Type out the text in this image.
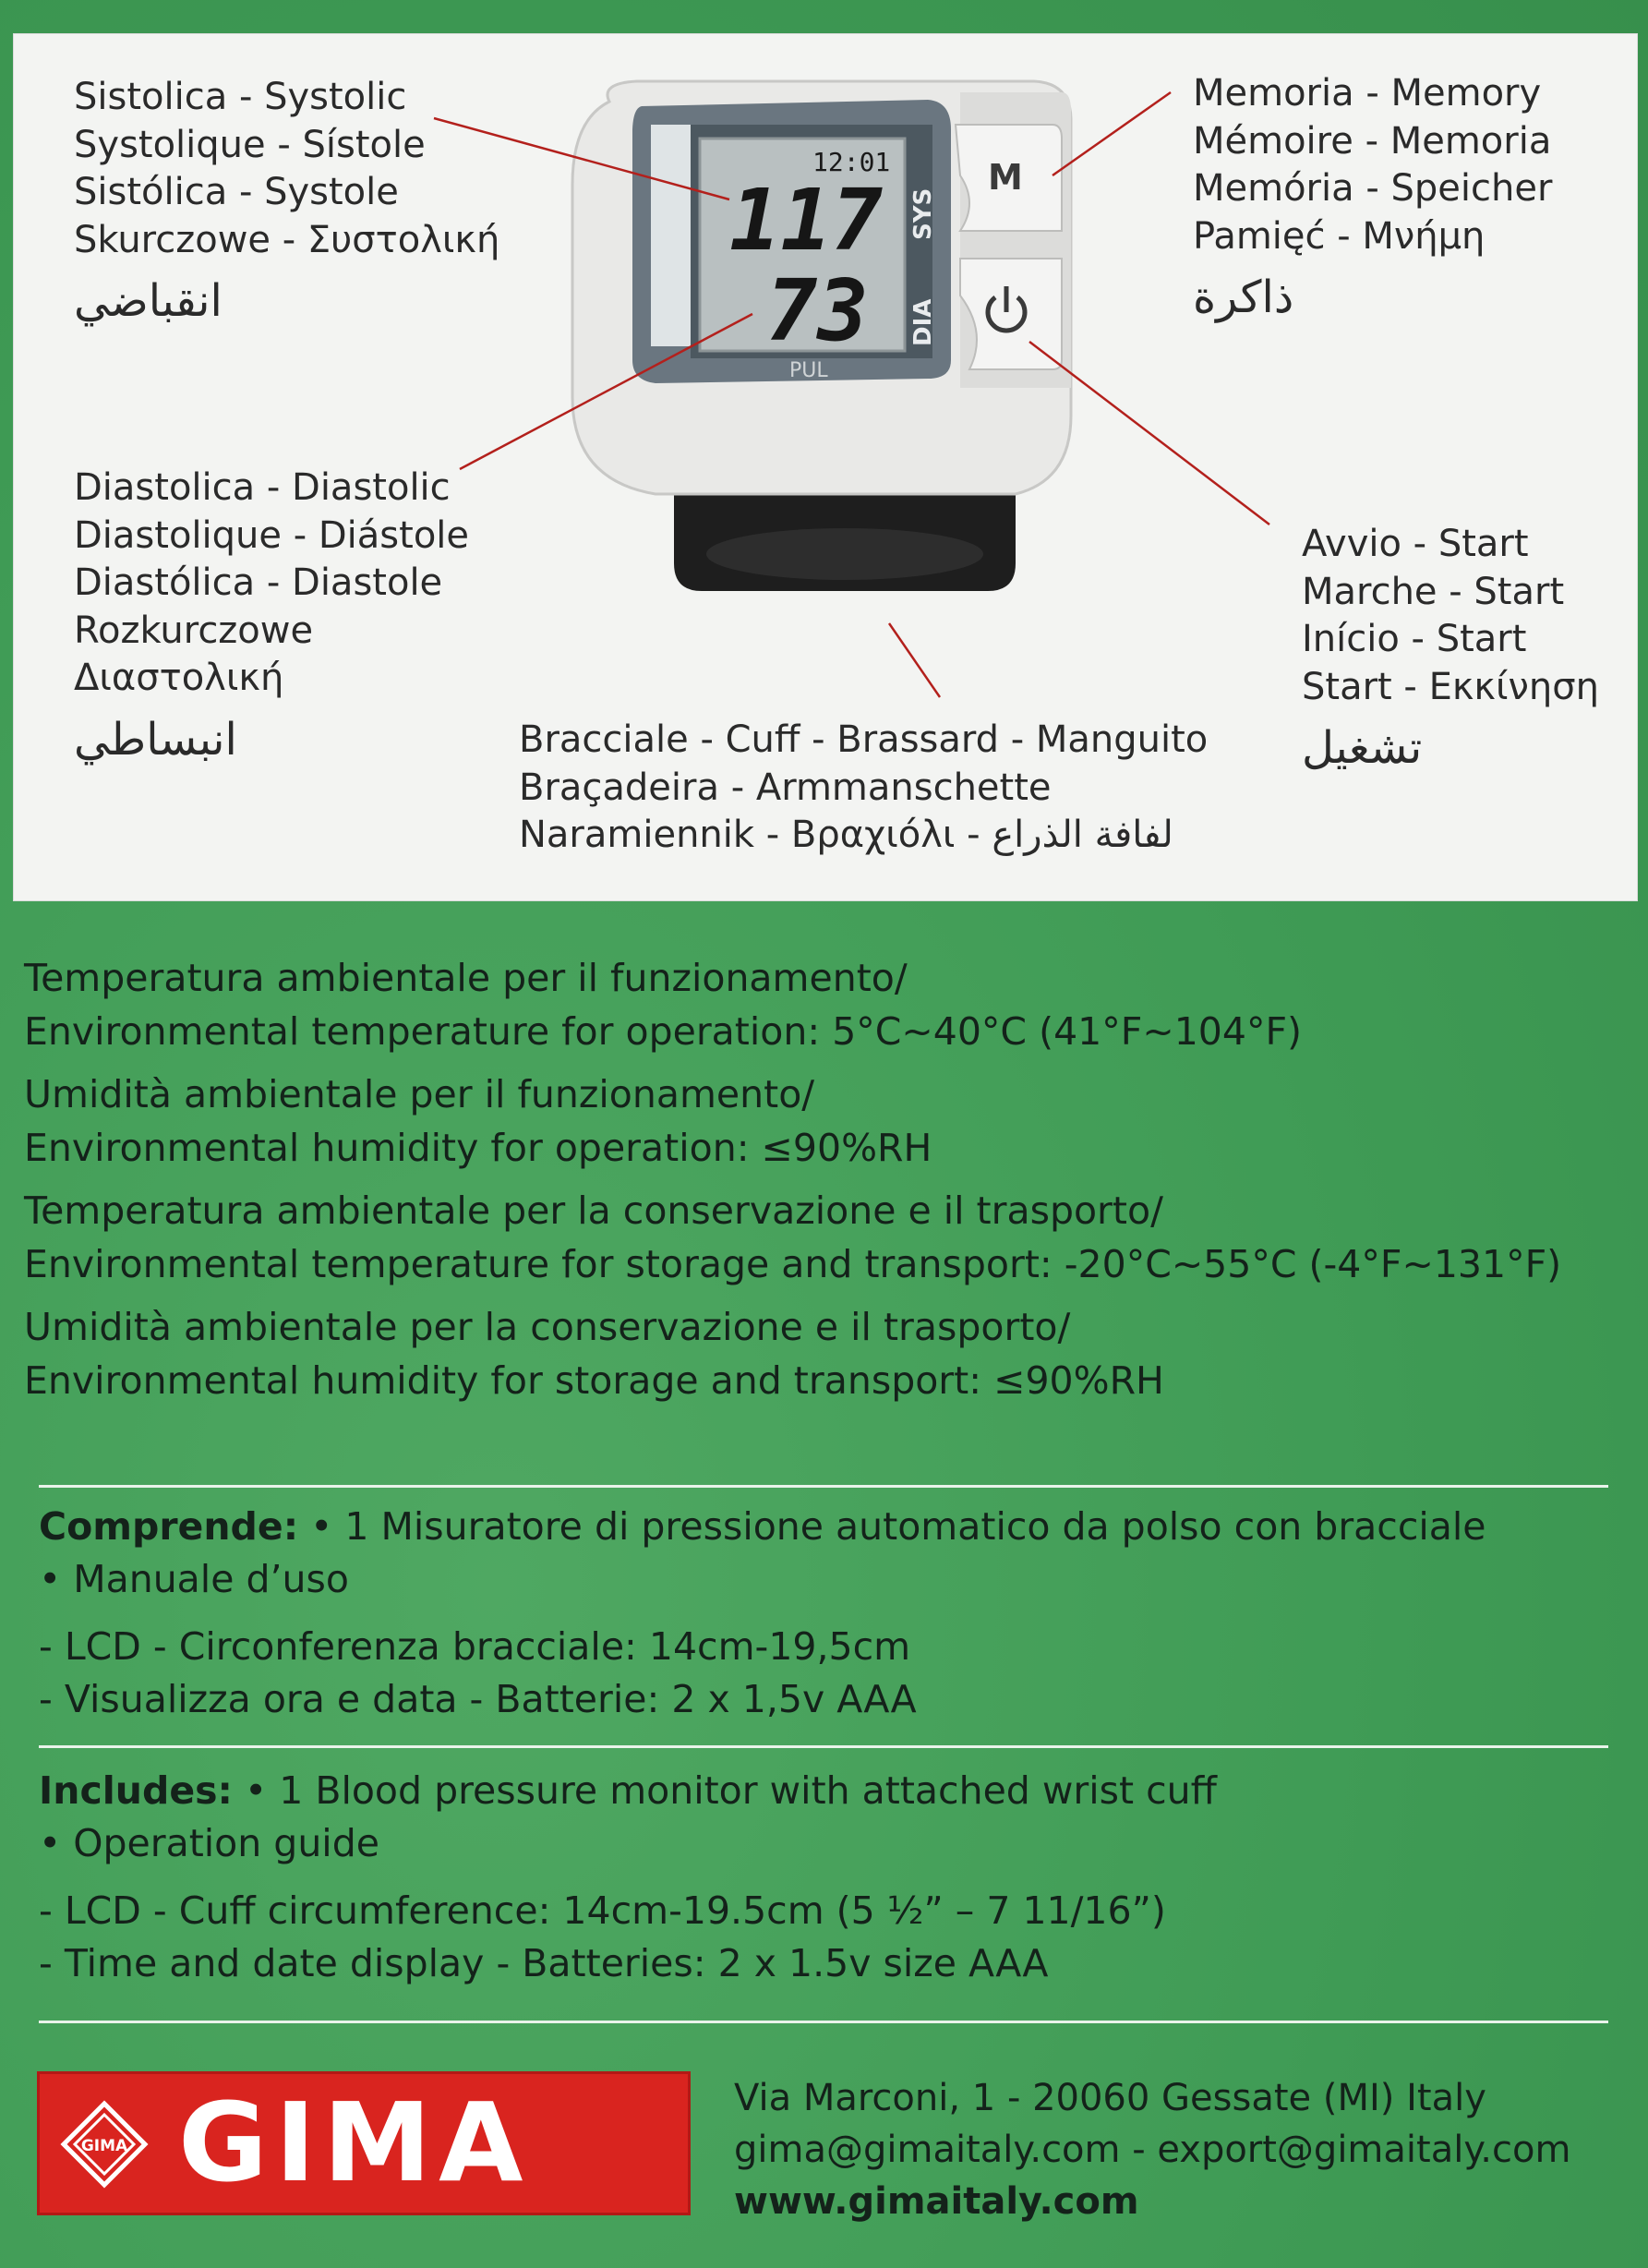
12:01
117
73
SYS
DIA
PUL
M
Sistolica - Systolic
Systolique - Sístole
Sistólica - Systole
Skurczowe - Συστολική
انقباضي
Diastolica - Diastolic
Diastolique - Diástole
Diastólica - Diastole
Rozkurczowe
Διαστολική
انبساطي
Memoria - Memory
Mémoire - Memoria
Memória - Speicher
Pamięć - Μνήμη
ذاكرة
Avvio - Start
Marche - Start
Início - Start
Start - Εκκίνηση
تشغيل
Bracciale - Cuff - Brassard - Manguito
Braçadeira - Armmanschette
Naramiennik - Βραχιόλι - لفافة الذراع
Temperatura ambientale per il funzionamento/
Environmental temperature for operation: 5°C~40°C (41°F~104°F)
Umidità ambientale per il funzionamento/
Environmental humidity for operation: ≤90%RH
Temperatura ambientale per la conservazione e il trasporto/
Environmental temperature for storage and transport: -20°C~55°C (-4°F~131°F)
Umidità ambientale per la conservazione e il trasporto/
Environmental humidity for storage and transport: ≤90%RH
Comprende: • 1 Misuratore di pressione automatico da polso con bracciale
• Manuale d’uso
- LCD - Circonferenza bracciale: 14cm-19,5cm
- Visualizza ora e data - Batterie: 2 x 1,5v AAA
Includes: • 1 Blood pressure monitor with attached wrist cuff
• Operation guide
- LCD - Cuff circumference: 14cm-19.5cm (5 ½” – 7 11/16”)
- Time and date display - Batteries: 2 x 1.5v size AAA
GIMA GIMA	Via Marconi, 1 - 20060 Gessate (MI) Italy
gima@gimaitaly.com - export@gimaitaly.com
www.gimaitaly.com
